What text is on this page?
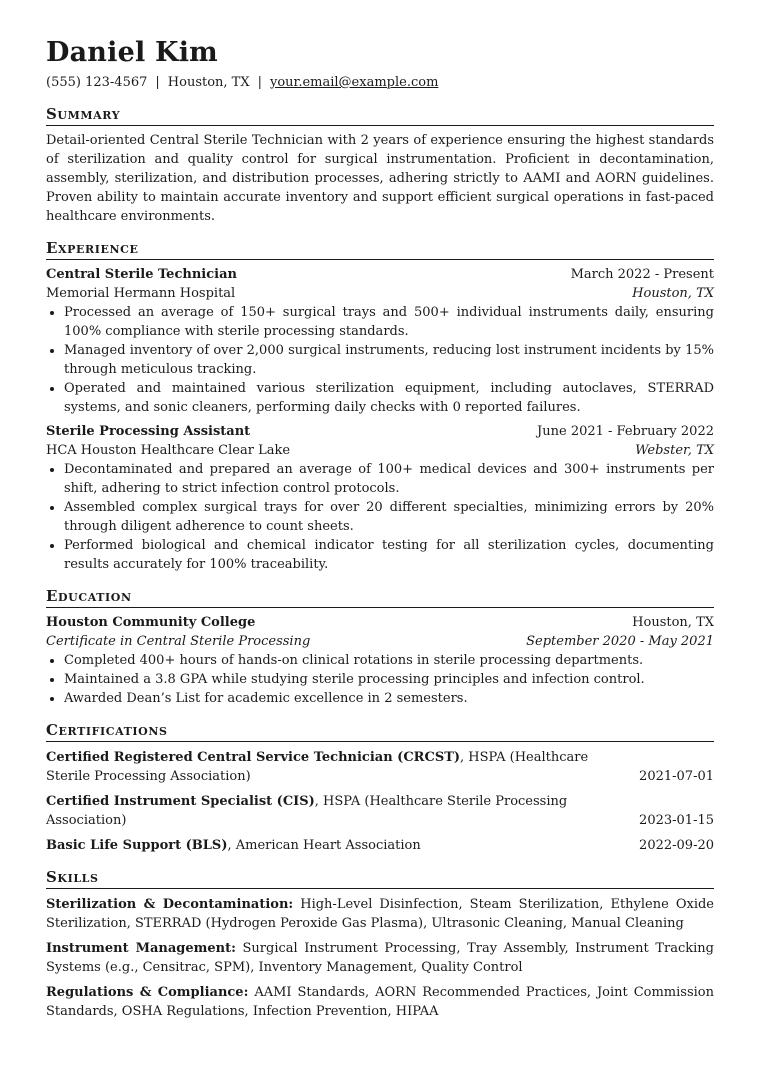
Daniel Kim
(555) 123-4567 | Houston, TX | your.email@example.com
Summary
Detail-oriented Central Sterile Technician with 2 years of experience ensuring the highest standards of sterilization and quality control for surgical instrumentation. Proficient in decontamination, assembly, sterilization, and distribution processes, adhering strictly to AAMI and AORN guidelines. Proven ability to maintain accurate inventory and support efficient surgical operations in fast-paced healthcare environments.
Experience
Central Sterile Technician	March 2022 - Present
Memorial Hermann Hospital	Houston, TX
• Processed an average of 150+ surgical trays and 500+ individual instruments daily, ensuring 100% compliance with sterile processing standards.
• Managed inventory of over 2,000 surgical instruments, reducing lost instrument incidents by 15% through meticulous tracking.
• Operated and maintained various sterilization equipment, including autoclaves, STERRAD systems, and sonic cleaners, performing daily checks with 0 reported failures.
Sterile Processing Assistant	June 2021 - February 2022
HCA Houston Healthcare Clear Lake	Webster, TX
• Decontaminated and prepared an average of 100+ medical devices and 300+ instruments per shift, adhering to strict infection control protocols.
• Assembled complex surgical trays for over 20 different specialties, minimizing errors by 20% through diligent adherence to count sheets.
• Performed biological and chemical indicator testing for all sterilization cycles, documenting results accurately for 100% traceability.
Education
Houston Community College	Houston, TX
Certificate in Central Sterile Processing	September 2020 - May 2021
• Completed 400+ hours of hands-on clinical rotations in sterile processing departments.
• Maintained a 3.8 GPA while studying sterile processing principles and infection control.
• Awarded Dean’s List for academic excellence in 2 semesters.
Certifications
Certified Registered Central Service Technician (CRCST), HSPA (Healthcare Sterile Processing Association)	2021-07-01
Certified Instrument Specialist (CIS), HSPA (Healthcare Sterile Processing Association)	2023-01-15
Basic Life Support (BLS), American Heart Association	2022-09-20
Skills
Sterilization & Decontamination: High-Level Disinfection, Steam Sterilization, Ethylene Oxide Sterilization, STERRAD (Hydrogen Peroxide Gas Plasma), Ultrasonic Cleaning, Manual Cleaning
Instrument Management: Surgical Instrument Processing, Tray Assembly, Instrument Tracking Systems (e.g., Censitrac, SPM), Inventory Management, Quality Control
Regulations & Compliance: AAMI Standards, AORN Recommended Practices, Joint Commission Standards, OSHA Regulations, Infection Prevention, HIPAA
